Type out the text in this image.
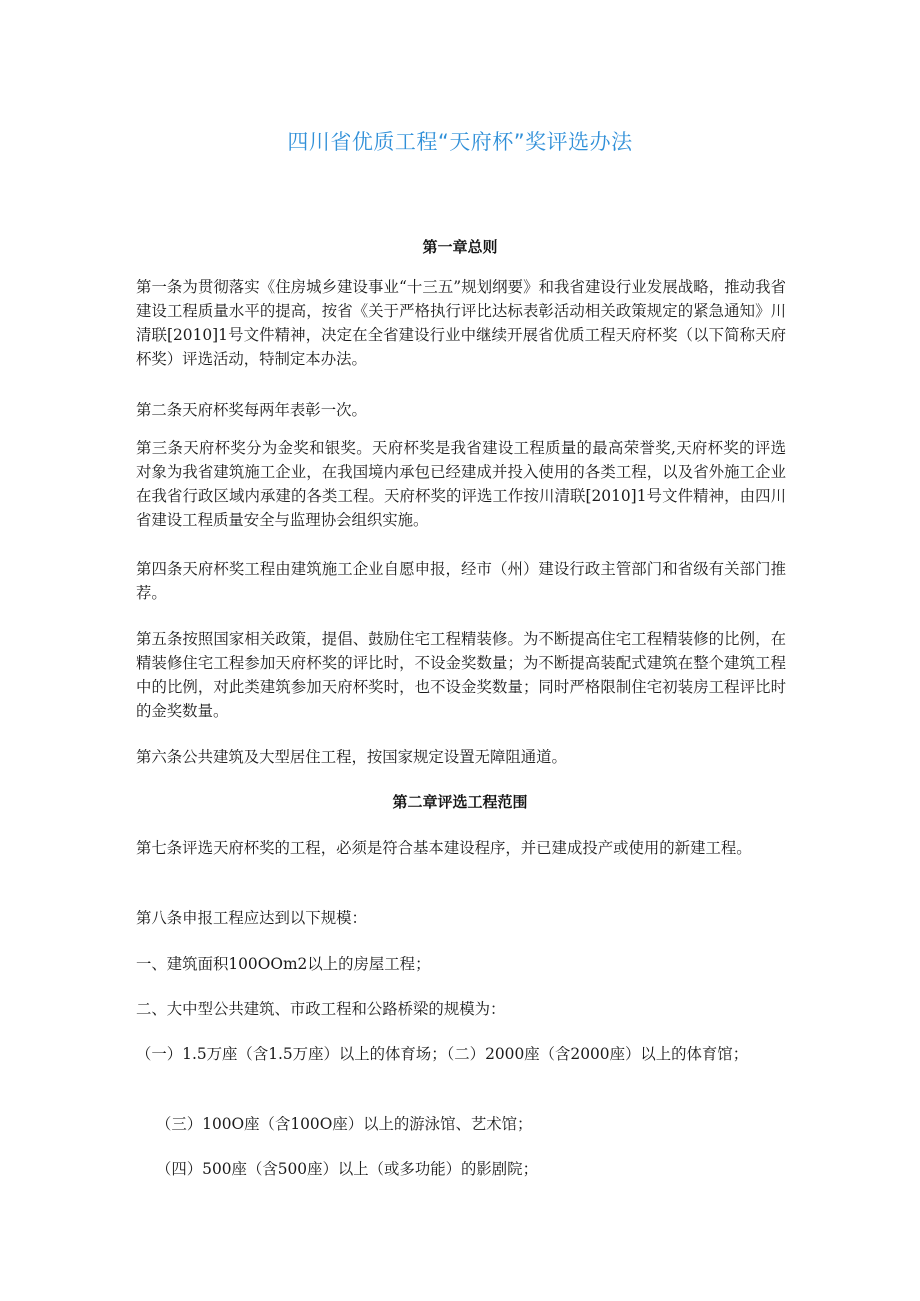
四川省优质工程“天府杯”奖评选办法
第一章总则
第一条为贯彻落实《住房城乡建设事业“十三五”规划纲要》和我省建设行业发展战略，推动我省建设工程质量水平的提高，按省《关于严格执行评比达标表彰活动相关政策规定的紧急通知》川清联[2010]1号文件精神，决定在全省建设行业中继续开展省优质工程天府杯奖（以下简称天府杯奖）评选活动，特制定本办法。
第二条天府杯奖每两年表彰一次。
第三条天府杯奖分为金奖和银奖。天府杯奖是我省建设工程质量的最高荣誉奖,天府杯奖的评选对象为我省建筑施工企业，在我国境内承包已经建成并投入使用的各类工程，以及省外施工企业在我省行政区域内承建的各类工程。天府杯奖的评选工作按川清联[2010]1号文件精神，由四川省建设工程质量安全与监理协会组织实施。
第四条天府杯奖工程由建筑施工企业自愿申报，经市（州）建设行政主管部门和省级有关部门推荐。
第五条按照国家相关政策，提倡、鼓励住宅工程精装修。为不断提高住宅工程精装修的比例，在精装修住宅工程参加天府杯奖的评比时，不设金奖数量；为不断提高装配式建筑在整个建筑工程中的比例，对此类建筑参加天府杯奖时，也不设金奖数量；同时严格限制住宅初装房工程评比时的金奖数量。
第六条公共建筑及大型居住工程，按国家规定设置无障阻通道。
第二章评选工程范围
第七条评选天府杯奖的工程，必须是符合基本建设程序，并已建成投产或使用的新建工程。
第八条申报工程应达到以下规模：
一、建筑面积100OOm2以上的房屋工程；
二、大中型公共建筑、市政工程和公路桥梁的规模为：
（一）1.5万座（含1.5万座）以上的体育场；（二）2000座（含2000座）以上的体育馆；
（三）100O座（含100O座）以上的游泳馆、艺术馆；
（四）500座（含500座）以上（或多功能）的影剧院；
